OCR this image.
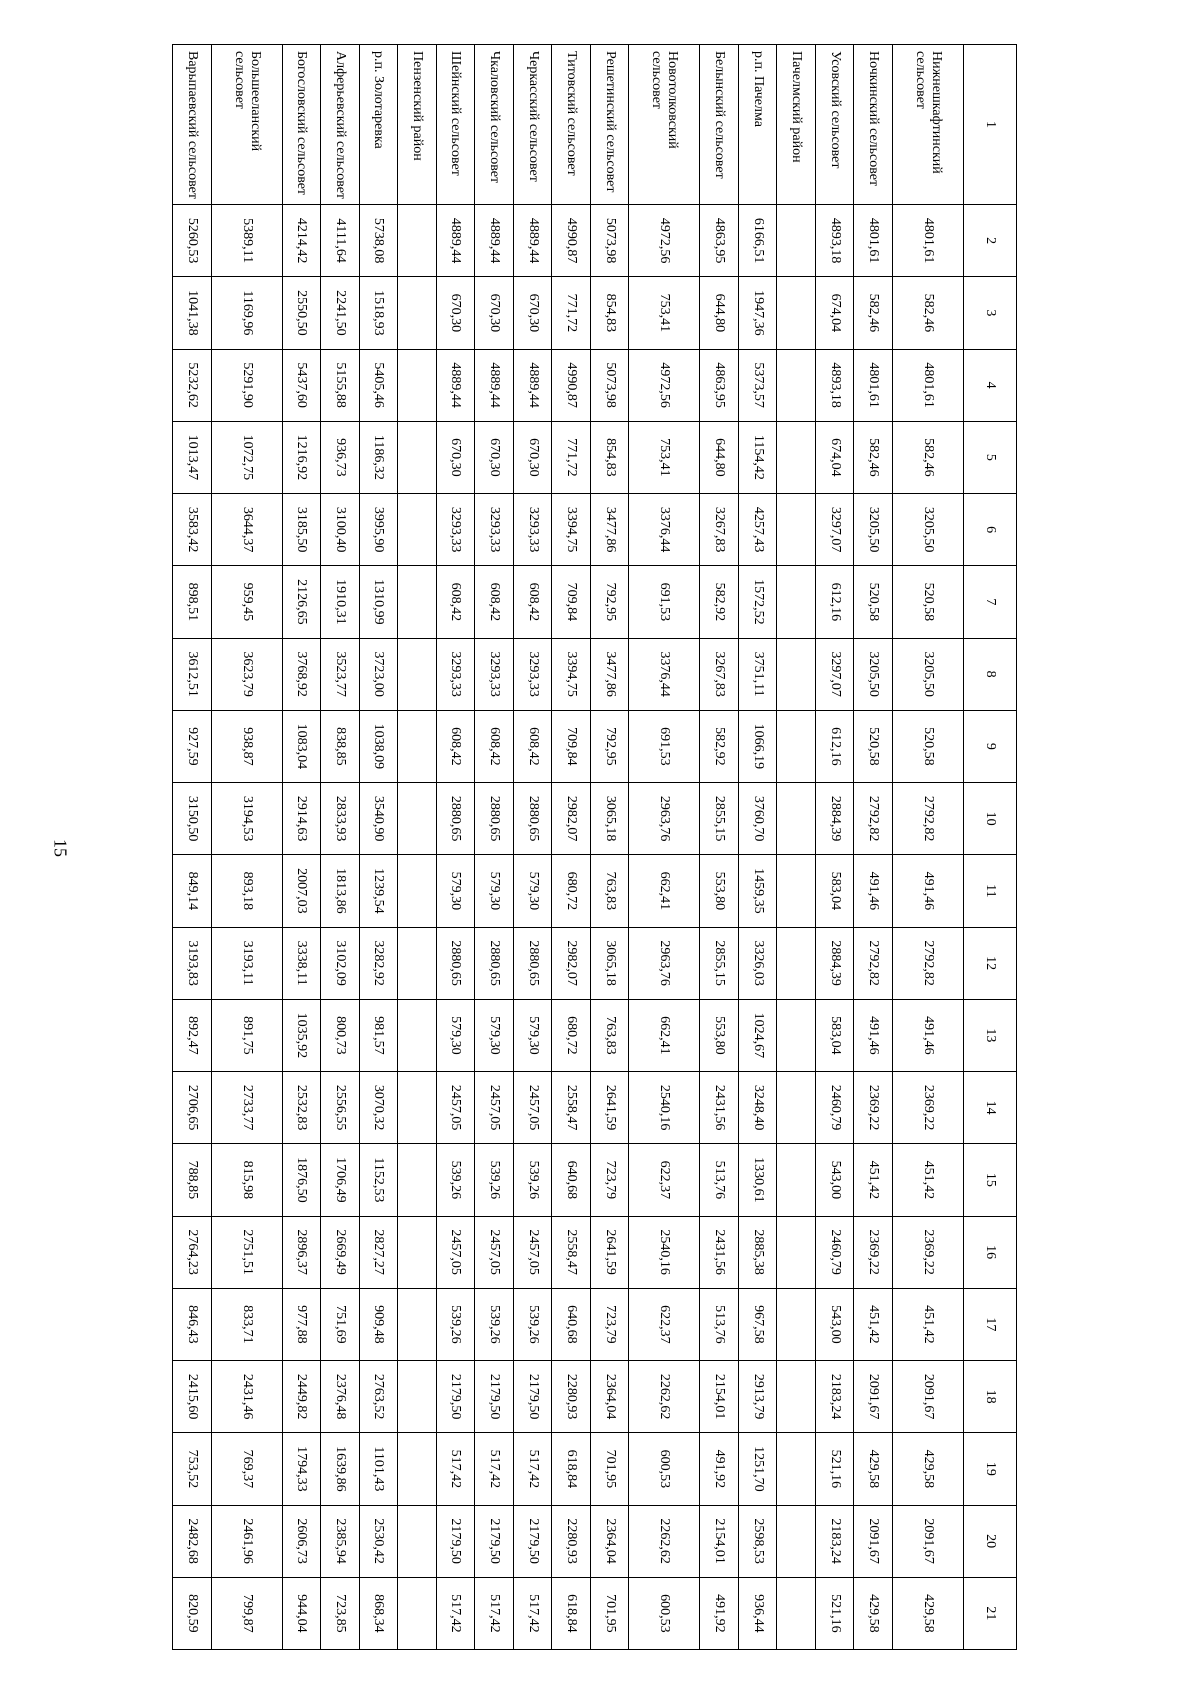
15
1	2	3	4	5	6	7	8	9	10	11	12	13	14	15	16	17	18	19	20	21
Нижнешкафтинский сельсовет	4801,61	582,46	4801,61	582,46	3205,50	520,58	3205,50	520,58	2792,82	491,46	2792,82	491,46	2369,22	451,42	2369,22	451,42	2091,67	429,58	2091,67	429,58
Ночкинский сельсовет	4801,61	582,46	4801,61	582,46	3205,50	520,58	3205,50	520,58	2792,82	491,46	2792,82	491,46	2369,22	451,42	2369,22	451,42	2091,67	429,58	2091,67	429,58
Усовский сельсовет	4893,18	674,04	4893,18	674,04	3297,07	612,16	3297,07	612,16	2884,39	583,04	2884,39	583,04	2460,79	543,00	2460,79	543,00	2183,24	521,16	2183,24	521,16
Пачелмский район																				
р.п. Пачелма	6166,51	1947,36	5373,57	1154,42	4257,43	1572,52	3751,11	1066,19	3760,70	1459,35	3326,03	1024,67	3248,40	1330,61	2885,38	967,58	2913,79	1251,70	2598,53	936,44
Белынский сельсовет	4863,95	644,80	4863,95	644,80	3267,83	582,92	3267,83	582,92	2855,15	553,80	2855,15	553,80	2431,56	513,76	2431,56	513,76	2154,01	491,92	2154,01	491,92
Новотолковский сельсовет	4972,56	753,41	4972,56	753,41	3376,44	691,53	3376,44	691,53	2963,76	662,41	2963,76	662,41	2540,16	622,37	2540,16	622,37	2262,62	600,53	2262,62	600,53
Решетинский сельсовет	5073,98	854,83	5073,98	854,83	3477,86	792,95	3477,86	792,95	3065,18	763,83	3065,18	763,83	2641,59	723,79	2641,59	723,79	2364,04	701,95	2364,04	701,95
Титовский сельсовет	4990,87	771,72	4990,87	771,72	3394,75	709,84	3394,75	709,84	2982,07	680,72	2982,07	680,72	2558,47	640,68	2558,47	640,68	2280,93	618,84	2280,93	618,84
Черкасский сельсовет	4889,44	670,30	4889,44	670,30	3293,33	608,42	3293,33	608,42	2880,65	579,30	2880,65	579,30	2457,05	539,26	2457,05	539,26	2179,50	517,42	2179,50	517,42
Чкаловский сельсовет	4889,44	670,30	4889,44	670,30	3293,33	608,42	3293,33	608,42	2880,65	579,30	2880,65	579,30	2457,05	539,26	2457,05	539,26	2179,50	517,42	2179,50	517,42
Шейнский сельсовет	4889,44	670,30	4889,44	670,30	3293,33	608,42	3293,33	608,42	2880,65	579,30	2880,65	579,30	2457,05	539,26	2457,05	539,26	2179,50	517,42	2179,50	517,42
Пензенский район																				
р.п. Золотаревка	5738,08	1518,93	5405,46	1186,32	3995,90	1310,99	3723,00	1038,09	3540,90	1239,54	3282,92	981,57	3070,32	1152,53	2827,27	909,48	2763,52	1101,43	2530,42	868,34
Алферьевский сельсовет	4111,64	2241,50	5155,88	936,73	3100,40	1910,31	3523,77	838,85	2833,93	1813,86	3102,09	800,73	2556,55	1706,49	2669,49	751,69	2376,48	1639,86	2385,94	723,85
Богословский сельсовет	4214,42	2550,50	5437,60	1216,92	3185,50	2126,65	3768,92	1083,04	2914,63	2007,03	3338,11	1035,92	2532,83	1876,50	2896,37	977,88	2449,82	1794,33	2606,73	944,04
Большееланский сельсовет	5389,11	1169,96	5291,90	1072,75	3644,37	959,45	3623,79	938,87	3194,53	893,18	3193,11	891,75	2733,77	815,98	2751,51	833,71	2431,46	769,37	2461,96	799,87
Варыпаевский сельсовет	5260,53	1041,38	5232,62	1013,47	3583,42	898,51	3612,51	927,59	3150,50	849,14	3193,83	892,47	2706,65	788,85	2764,23	846,43	2415,60	753,52	2482,68	820,59
